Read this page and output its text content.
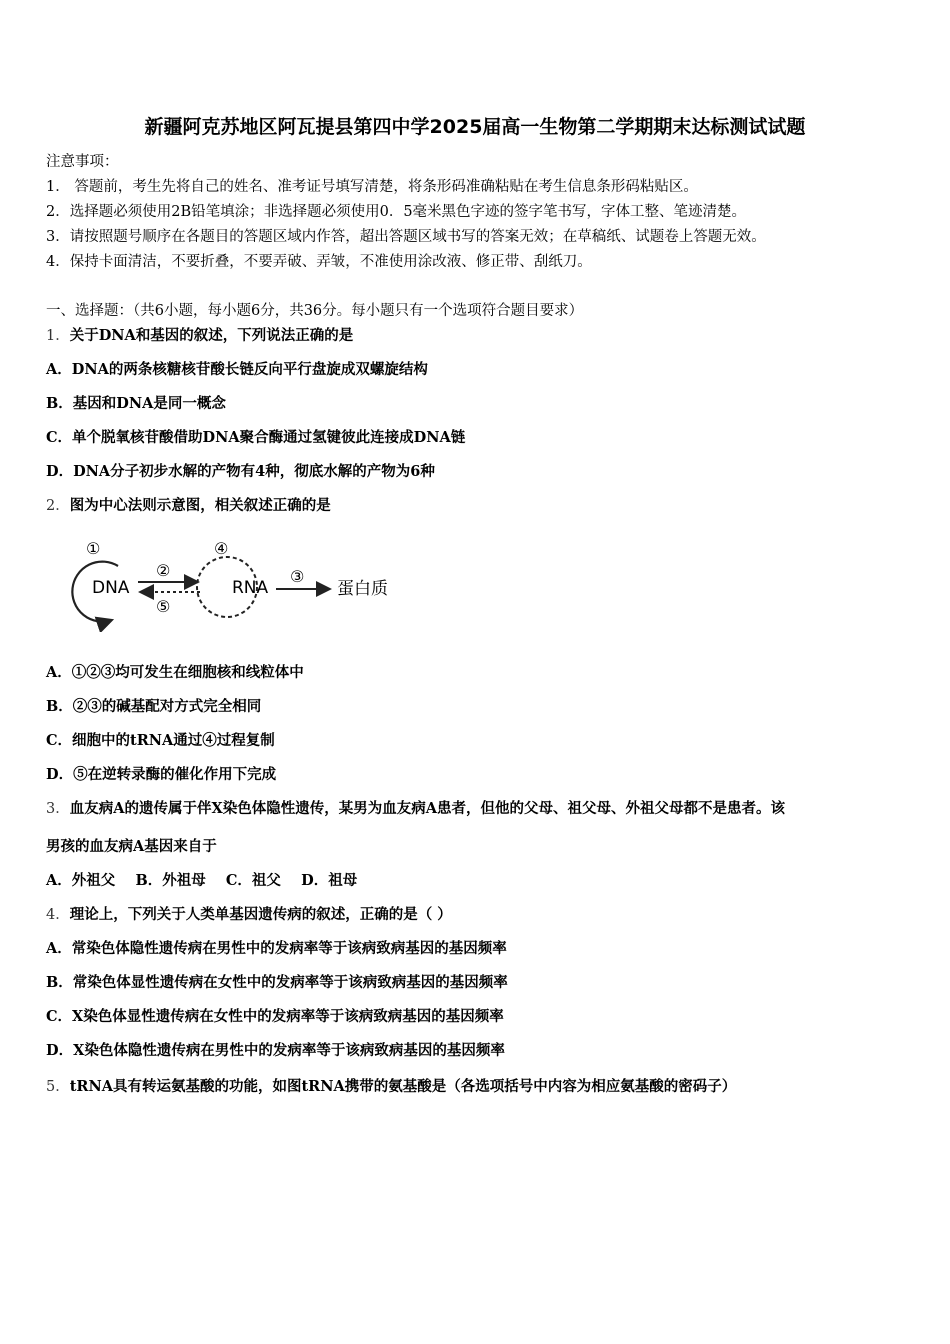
新疆阿克苏地区阿瓦提县第四中学2025届高一生物第二学期期末达标测试试题
注意事项：
1． 答题前，考生先将自己的姓名、准考证号填写清楚，将条形码准确粘贴在考生信息条形码粘贴区。
2．选择题必须使用2B铅笔填涂；非选择题必须使用0．5毫米黑色字迹的签字笔书写，字体工整、笔迹清楚。
3．请按照题号顺序在各题目的答题区域内作答，超出答题区域书写的答案无效；在草稿纸、试题卷上答题无效。
4．保持卡面清洁，不要折叠，不要弄破、弄皱，不准使用涂改液、修正带、刮纸刀。
一、选择题：（共6小题，每小题6分，共36分。每小题只有一个选项符合题目要求）
1．关于DNA和基因的叙述，下列说法正确的是
A．DNA的两条核糖核苷酸长链反向平行盘旋成双螺旋结构
B．基因和DNA是同一概念
C．单个脱氧核苷酸借助DNA聚合酶通过氢键彼此连接成DNA链
D．DNA分子初步水解的产物有4种，彻底水解的产物为6种
2．图为中心法则示意图，相关叙述正确的是
①
DNA
②
⑤
④
RNA
③
蛋白质
A．①②③均可发生在细胞核和线粒体中
B．②③的碱基配对方式完全相同
C．细胞中的tRNA通过④过程复制
D．⑤在逆转录酶的催化作用下完成
3．血友病A的遗传属于伴X染色体隐性遗传，某男为血友病A患者，但他的父母、祖父母、外祖父母都不是患者。该
男孩的血友病A基因来自于
A．外祖父    B．外祖母    C．祖父    D．祖母
4．理论上，下列关于人类单基因遗传病的叙述，正确的是（ ）
A．常染色体隐性遗传病在男性中的发病率等于该病致病基因的基因频率
B．常染色体显性遗传病在女性中的发病率等于该病致病基因的基因频率
C．X染色体显性遗传病在女性中的发病率等于该病致病基因的基因频率
D．X染色体隐性遗传病在男性中的发病率等于该病致病基因的基因频率
5．tRNA具有转运氨基酸的功能，如图tRNA携带的氨基酸是（各选项括号中内容为相应氨基酸的密码子）
